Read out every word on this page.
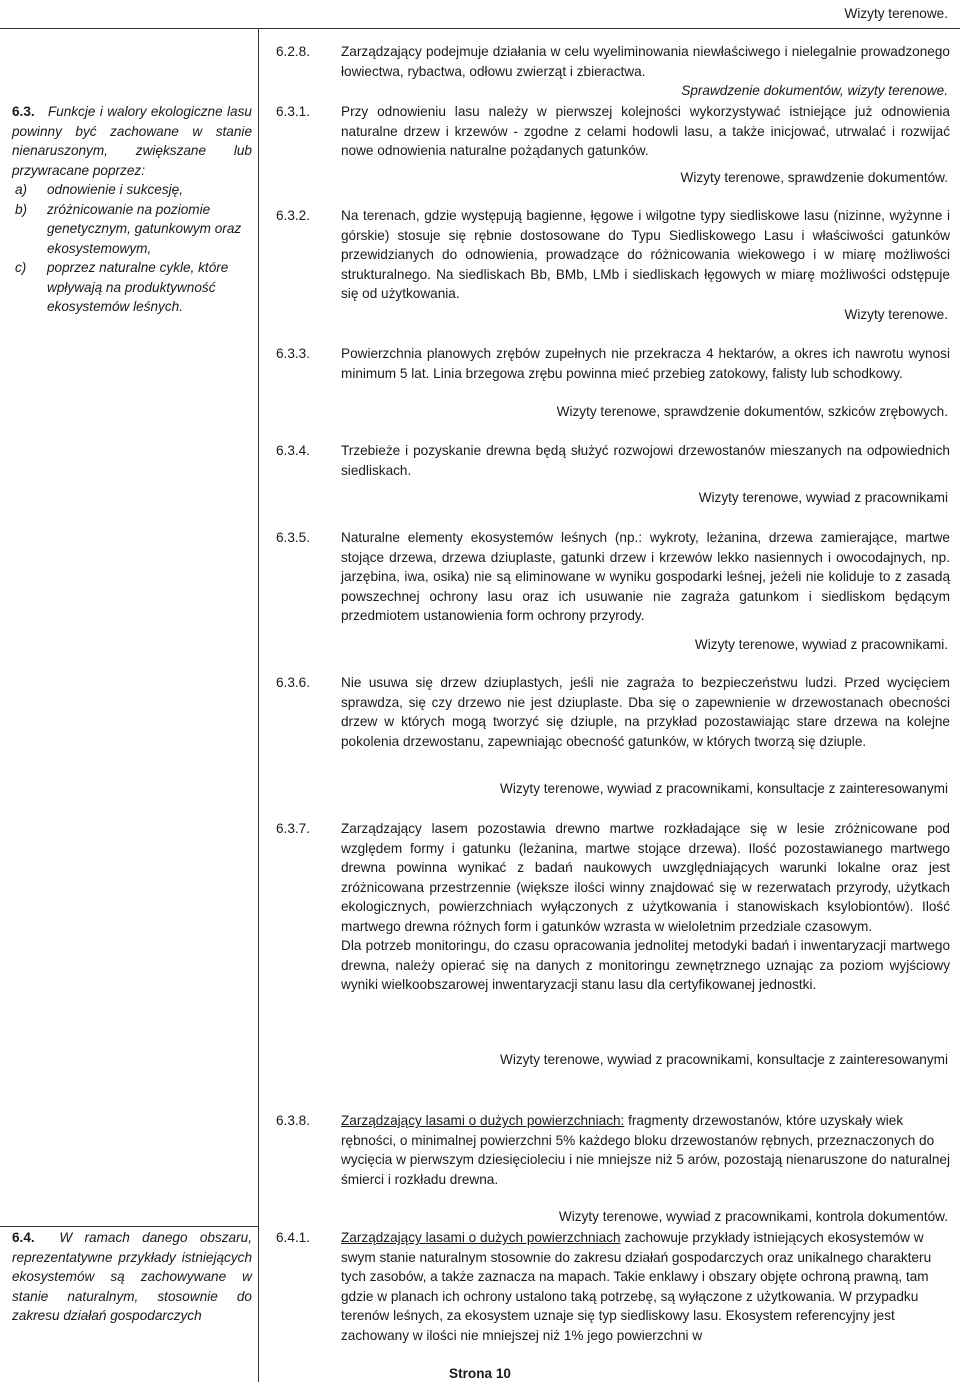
Wizyty terenowe.
6.3. Funkcje i walory ekologiczne lasu powinny być zachowane w stanie nienaruszonym, zwiększane lub przywracane poprzez:
a)	odnowienie i sukcesję,
b)	zróżnicowanie na poziomie genetycznym, gatunkowym oraz ekosystemowym,
c)	poprzez naturalne cykle, które wpływają na produktywność ekosystemów leśnych.
6.4. W ramach danego obszaru, reprezentatywne przykłady istniejących ekosystemów są zachowywane w stanie naturalnym, stosownie do zakresu działań gospodarczych
6.2.8. Zarządzający podejmuje działania w celu wyeliminowania niewłaściwego i nielegalnie prowadzonego łowiectwa, rybactwa, odłowu zwierząt i zbieractwa.
Sprawdzenie dokumentów, wizyty terenowe.
6.3.1. Przy odnowieniu lasu należy w pierwszej kolejności wykorzystywać istniejące już odnowienia naturalne drzew i krzewów - zgodne z celami hodowli lasu, a także inicjować, utrwalać i rozwijać nowe odnowienia naturalne pożądanych gatunków.
Wizyty terenowe, sprawdzenie dokumentów.
6.3.2. Na terenach, gdzie występują bagienne, łęgowe i wilgotne typy siedliskowe lasu (nizinne, wyżynne i górskie) stosuje się rębnie dostosowane do Typu Siedliskowego Lasu i właściwości gatunków przewidzianych do odnowienia, prowadzące do różnicowania wiekowego i w miarę możliwości strukturalnego. Na siedliskach Bb, BMb, LMb i siedliskach łęgowych w miarę możliwości odstępuje się od użytkowania.
Wizyty terenowe.
6.3.3. Powierzchnia planowych zrębów zupełnych nie przekracza 4 hektarów, a okres ich nawrotu wynosi minimum 5 lat. Linia brzegowa zrębu powinna mieć przebieg zatokowy, falisty lub schodkowy.
Wizyty terenowe, sprawdzenie dokumentów, szkiców zrębowych.
6.3.4. Trzebieże i pozyskanie drewna będą służyć rozwojowi drzewostanów mieszanych na odpowiednich siedliskach.
Wizyty terenowe, wywiad z pracownikami
6.3.5. Naturalne elementy ekosystemów leśnych (np.: wykroty, leżanina, drzewa zamierające, martwe stojące drzewa, drzewa dziuplaste, gatunki drzew i krzewów lekko nasiennych i owocodajnych, np. jarzębina, iwa, osika) nie są eliminowane w wyniku gospodarki leśnej, jeżeli nie koliduje to z zasadą powszechnej ochrony lasu oraz ich usuwanie nie zagraża gatunkom i siedliskom będącym przedmiotem ustanowienia form ochrony przyrody.
Wizyty terenowe, wywiad z pracownikami.
6.3.6. Nie usuwa się drzew dziuplastych, jeśli nie zagraża to bezpieczeństwu ludzi. Przed wycięciem sprawdza, się czy drzewo nie jest dziuplaste. Dba się o zapewnienie w drzewostanach obecności drzew w których mogą tworzyć się dziuple, na przykład pozostawiając stare drzewa na kolejne pokolenia drzewostanu, zapewniając obecność gatunków, w których tworzą się dziuple.
Wizyty terenowe, wywiad z pracownikami, konsultacje z zainteresowanymi
6.3.7. Zarządzający lasem pozostawia drewno martwe rozkładające się w lesie zróżnicowane pod względem formy i gatunku (leżanina, martwe stojące drzewa). Ilość pozostawianego martwego drewna powinna wynikać z badań naukowych uwzględniających warunki lokalne oraz jest zróżnicowana przestrzennie (większe ilości winny znajdować się w rezerwatach przyrody, użytkach ekologicznych, powierzchniach wyłączonych z użytkowania i stanowiskach ksylobiontów). Ilość martwego drewna różnych form i gatunków wzrasta w wieloletnim przedziale czasowym.

Dla potrzeb monitoringu, do czasu opracowania jednolitej metodyki badań i inwentaryzacji martwego drewna, należy opierać się na danych z monitoringu zewnętrznego uznając za poziom wyjściowy wyniki wielkoobszarowej inwentaryzacji stanu lasu dla certyfikowanej jednostki.

Wizyty terenowe, wywiad z pracownikami, konsultacje z zainteresowanymi
6.3.8. Zarządzający lasami o dużych powierzchniach: fragmenty drzewostanów, które uzyskały wiek rębności, o minimalnej powierzchni 5% każdego bloku drzewostanów rębnych, przeznaczonych do wycięcia w pierwszym dziesięcioleciu i nie mniejsze niż 5 arów, pozostają nienaruszone do naturalnej śmierci i rozkładu drewna.
Wizyty terenowe, wywiad z pracownikami, kontrola dokumentów.
6.4.1. Zarządzający lasami o dużych powierzchniach zachowuje przykłady istniejących ekosystemów w swym stanie naturalnym stosownie do zakresu działań gospodarczych oraz unikalnego charakteru tych zasobów, a także zaznacza na mapach. Takie enklawy i obszary objęte ochroną prawną, tam gdzie w planach ich ochrony ustalono taką potrzebę, są wyłączone z użytkowania. W przypadku terenów leśnych, za ekosystem uznaje się typ siedliskowy lasu. Ekosystem referencyjny jest zachowany w ilości nie mniejszej niż 1% jego powierzchni w
Strona 10
